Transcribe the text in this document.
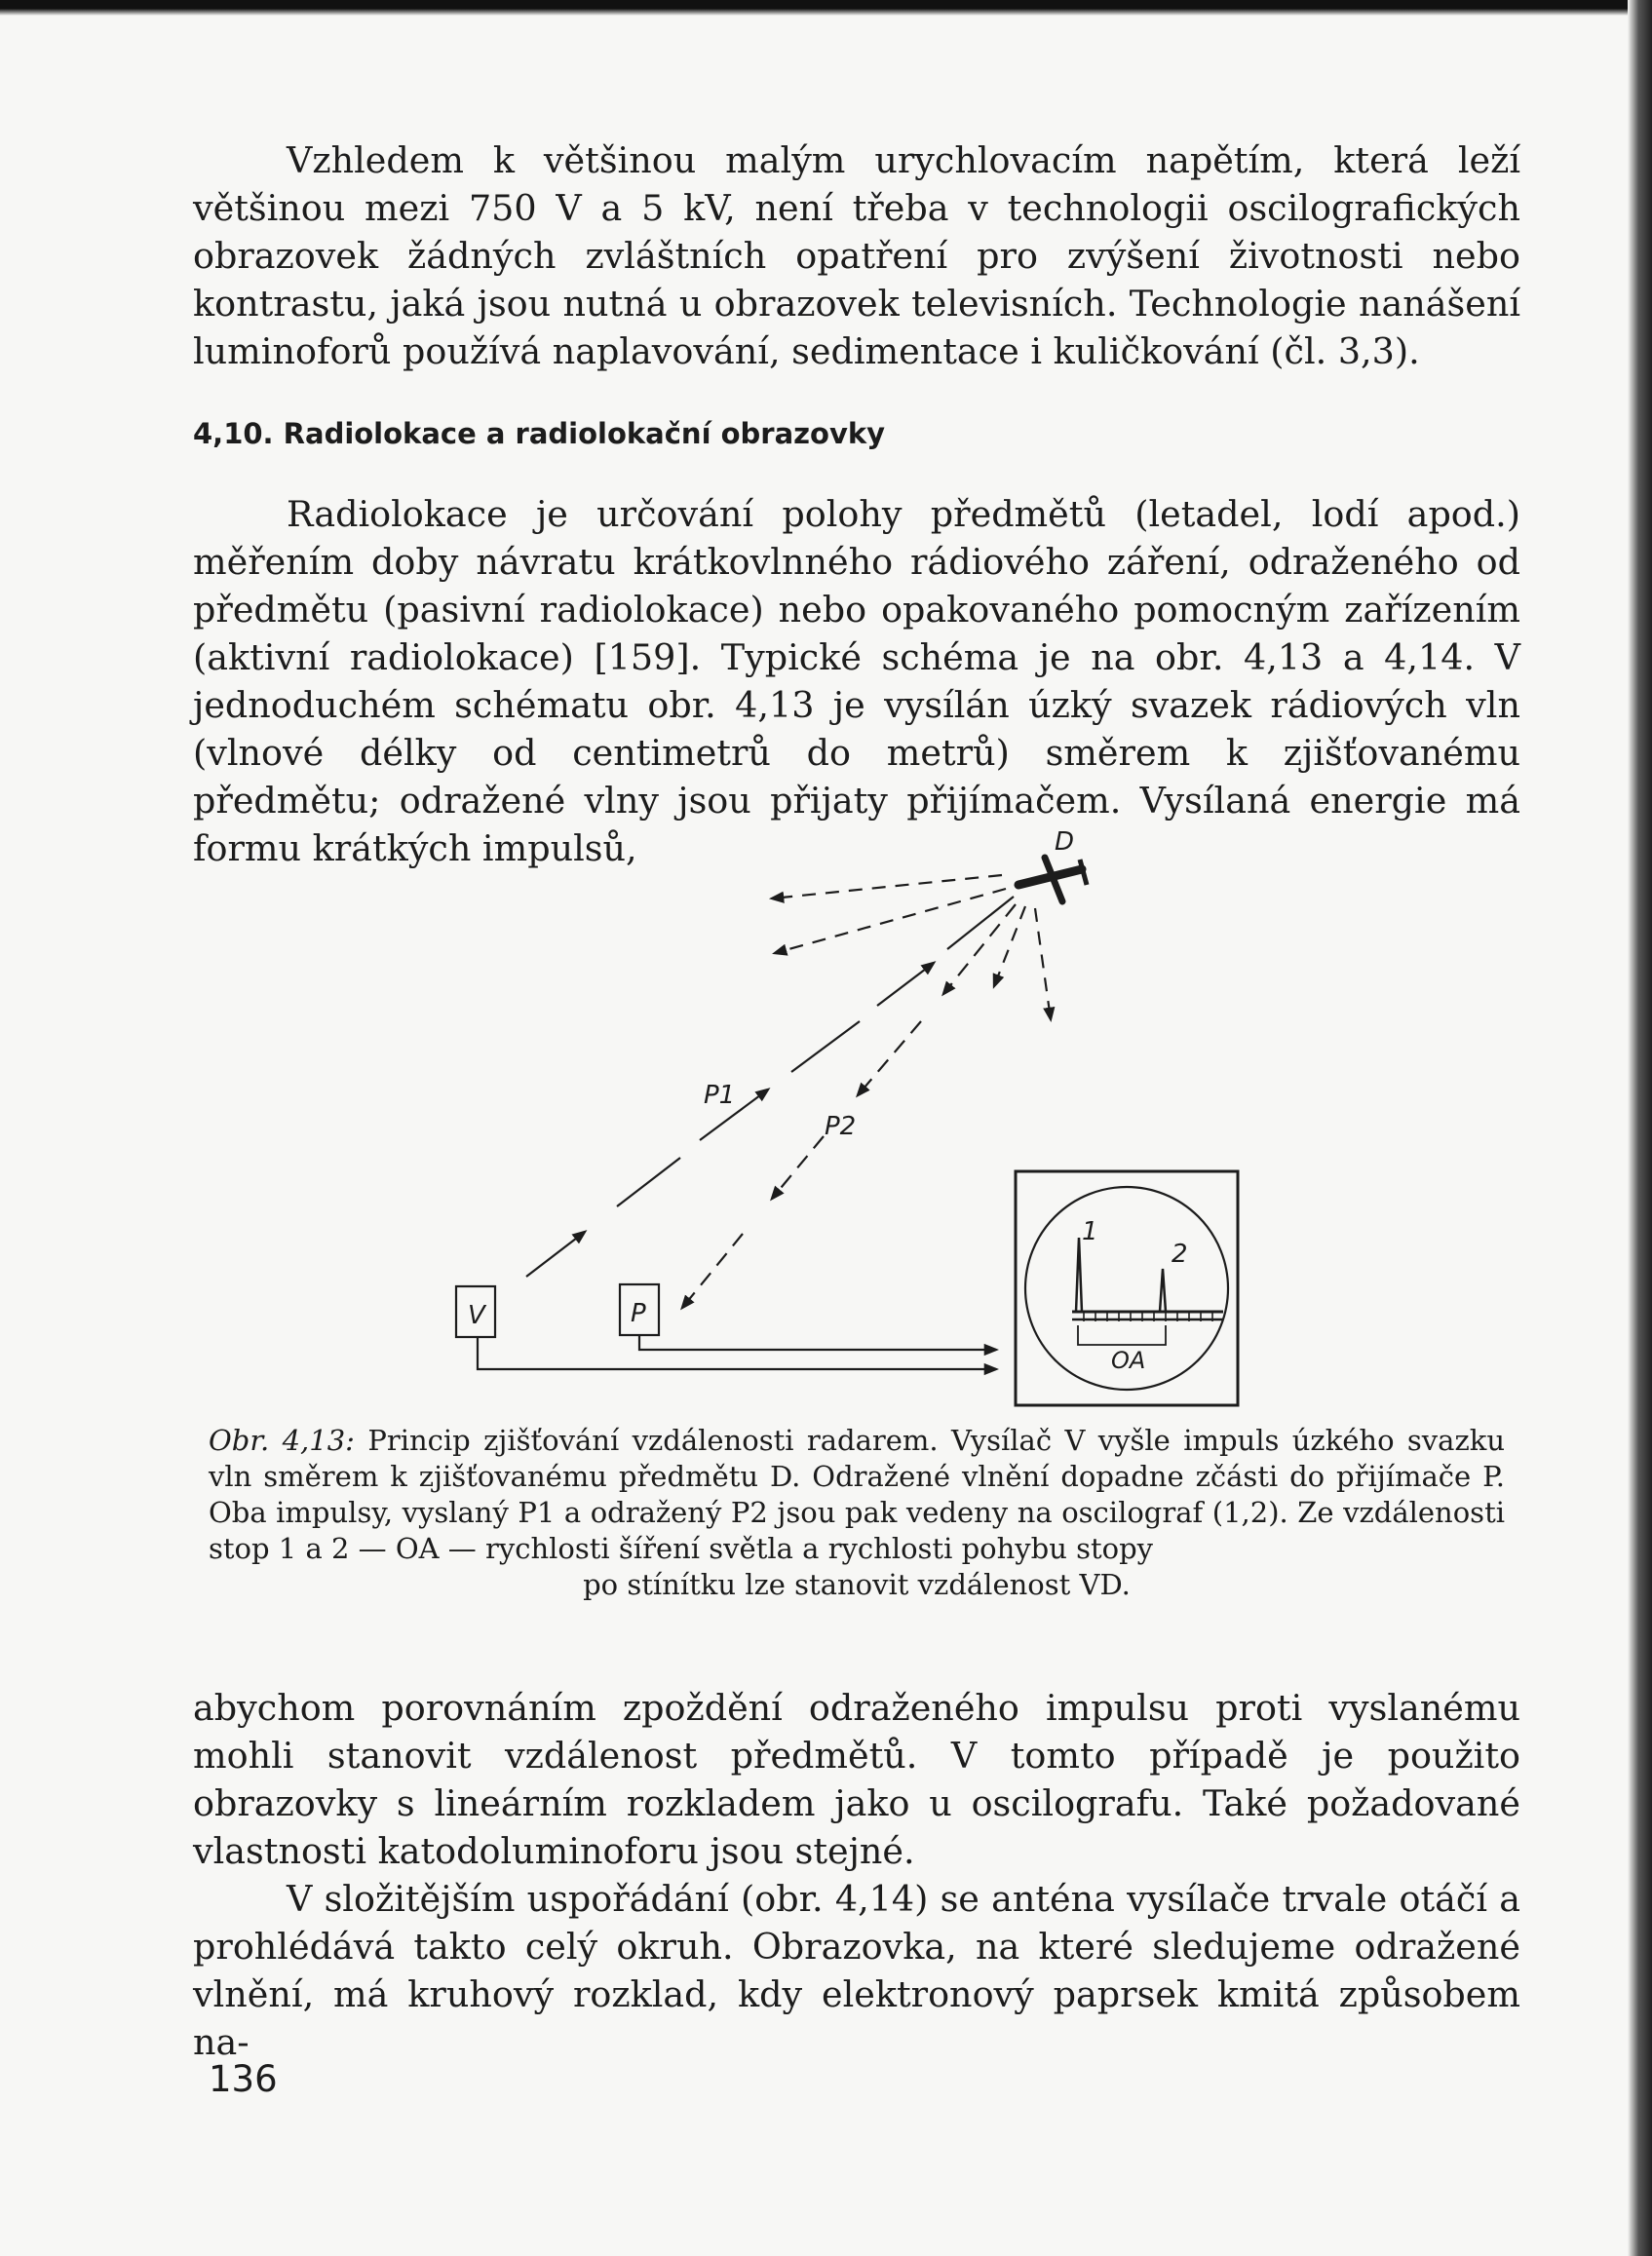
Vzhledem k většinou malým urychlovacím napětím, která leží většinou mezi 750 V a 5 kV, není třeba v technologii oscilografických obrazovek žádných zvláštních opatření pro zvýšení životnosti nebo kontrastu, jaká jsou nutná u obrazovek televisních. Technologie nanášení luminoforů používá naplavování, sedimentace i kuličkování (čl. 3,3).

4,10. Radiolokace a radiolokační obrazovky

Radiolokace je určování polohy předmětů (letadel, lodí apod.) měřením doby návratu krátkovlnného rádiového záření, odraženého od předmětu (pasivní radiolokace) nebo opakovaného pomocným zařízením (aktivní radiolokace) [159]. Typické schéma je na obr. 4,13 a 4,14. V jednoduchém schématu obr. 4,13 je vysílán úzký svazek rádiových vln (vlnové délky od centimetrů do metrů) směrem k zjišťovanému předmětu; odražené vlny jsou přijaty přijímačem. Vysílaná energie má formu krátkých impulsů,	D
P1
P2
V	P
1
2
OA

Obr. 4,13: Princip zjišťování vzdálenosti radarem. Vysílač V vyšle impuls úzkého svazku vln směrem k zjišťovanému předmětu D. Odražené vlnění dopadne zčásti do přijímače P. Oba impulsy, vyslaný P1 a odražený P2 jsou pak vedeny na oscilograf (1,2). Ze vzdálenosti stop 1 a 2 — OA — rychlosti šíření světla a rychlosti pohybu stopy
po stínítku lze stanovit vzdálenost VD.

abychom porovnáním zpoždění odraženého impulsu proti vyslanému mohli stanovit vzdálenost předmětů. V tomto případě je použito obrazovky s lineárním rozkladem jako u oscilografu. Také požadované vlastnosti katodoluminoforu jsou stejné.

V složitějším uspořádání (obr. 4,14) se anténa vysílače trvale otáčí a prohlédává takto celý okruh. Obrazovka, na které sledujeme odražené vlnění, má kruhový rozklad, kdy elektronový paprsek kmitá způsobem na-

136
